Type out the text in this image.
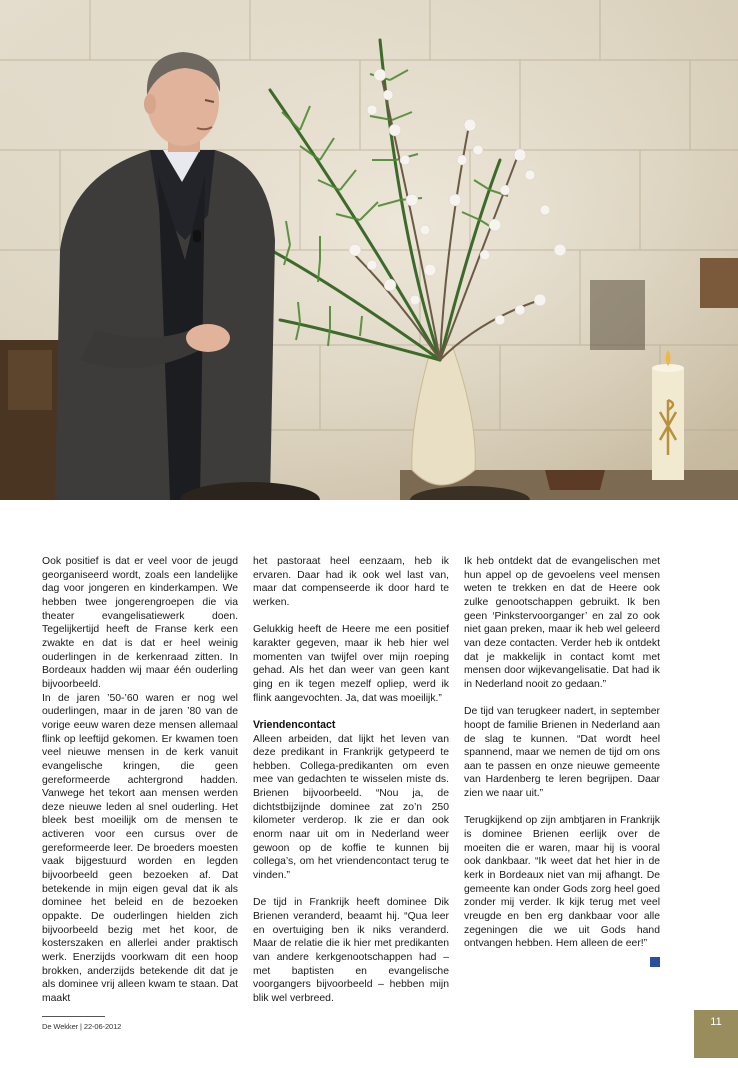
Ook positief is dat er veel voor de jeugd georganiseerd wordt, zoals een landelijke dag voor jongeren en kinderkampen. We hebben twee jongerengroepen die via theater evangelisatiewerk doen. Tegelijkertijd heeft de Franse kerk een zwakte en dat is dat er heel weinig ouderlingen in de kerkenraad zitten. In Bordeaux hadden wij maar één ouderling bijvoorbeeld.

In de jaren ’50-’60 waren er nog wel ouderlingen, maar in de jaren ’80 van de vorige eeuw waren deze mensen allemaal flink op leeftijd gekomen. Er kwamen toen veel nieuwe mensen in de kerk vanuit evangelische kringen, die geen gereformeerde achtergrond hadden. Vanwege het tekort aan mensen werden deze nieuwe leden al snel ouderling. Het bleek best moeilijk om de mensen te activeren voor een cursus over de gereformeerde leer. De broeders moesten vaak bijgestuurd worden en legden bijvoorbeeld geen bezoeken af. Dat betekende in mijn eigen geval dat ik als dominee het beleid en de bezoeken oppakte. De ouderlingen hielden zich bijvoorbeeld bezig met het koor, de kosterszaken en allerlei ander praktisch werk. Enerzijds voorkwam dit een hoop brokken, anderzijds betekende dit dat je als dominee vrij alleen kwam te staan. Dat maakt

het pastoraat heel eenzaam, heb ik ervaren. Daar had ik ook wel last van, maar dat compenseerde ik door hard te werken.

Gelukkig heeft de Heere me een positief karakter gegeven, maar ik heb hier wel momenten van twijfel over mijn roeping gehad. Als het dan weer van geen kant ging en ik tegen mezelf opliep, werd ik flink aangevochten. Ja, dat was moeilijk.”

Vriendencontact

Alleen arbeiden, dat lijkt het leven van deze predikant in Frankrijk getypeerd te hebben. Collega-predikanten om even mee van gedachten te wisselen miste ds. Brienen bijvoorbeeld. “Nou ja, de dichtstbijzijnde dominee zat zo’n 250 kilometer verderop. Ik zie er dan ook enorm naar uit om in Nederland weer gewoon op de koffie te kunnen bij collega’s, om het vriendencontact terug te vinden.”

De tijd in Frankrijk heeft dominee Dik Brienen veranderd, beaamt hij. “Qua leer en overtuiging ben ik niks veranderd. Maar de relatie die ik hier met predikanten van andere kerkgenootschappen had – met baptisten en evangelische voorgangers bijvoorbeeld – hebben mijn blik wel verbreed.

Ik heb ontdekt dat de evangelischen met hun appel op de gevoelens veel mensen weten te trekken en dat de Heere ook zulke genootschappen gebruikt. Ik ben geen ‘Pinkstervoorganger’ en zal zo ook niet gaan preken, maar ik heb wel geleerd van deze contacten. Verder heb ik ontdekt dat je makkelijk in contact komt met mensen door wijkevangelisatie. Dat had ik in Nederland nooit zo gedaan.”

De tijd van terugkeer nadert, in september hoopt de familie Brienen in Nederland aan de slag te kunnen. “Dat wordt heel spannend, maar we nemen de tijd om ons aan te passen en onze nieuwe gemeente van Hardenberg te leren begrijpen. Daar zien we naar uit.”

Terugkijkend op zijn ambtjaren in Frankrijk is dominee Brienen eerlijk over de moeiten die er waren, maar hij is vooral ook dankbaar. “Ik weet dat het hier in de kerk in Bordeaux niet van mij afhangt. De gemeente kan onder Gods zorg heel goed zonder mij verder. Ik kijk terug met veel vreugde en ben erg dankbaar voor alle zegeningen die we uit Gods hand ontvangen hebben. Hem alleen de eer!”

De Wekker | 22-06-2012	11
